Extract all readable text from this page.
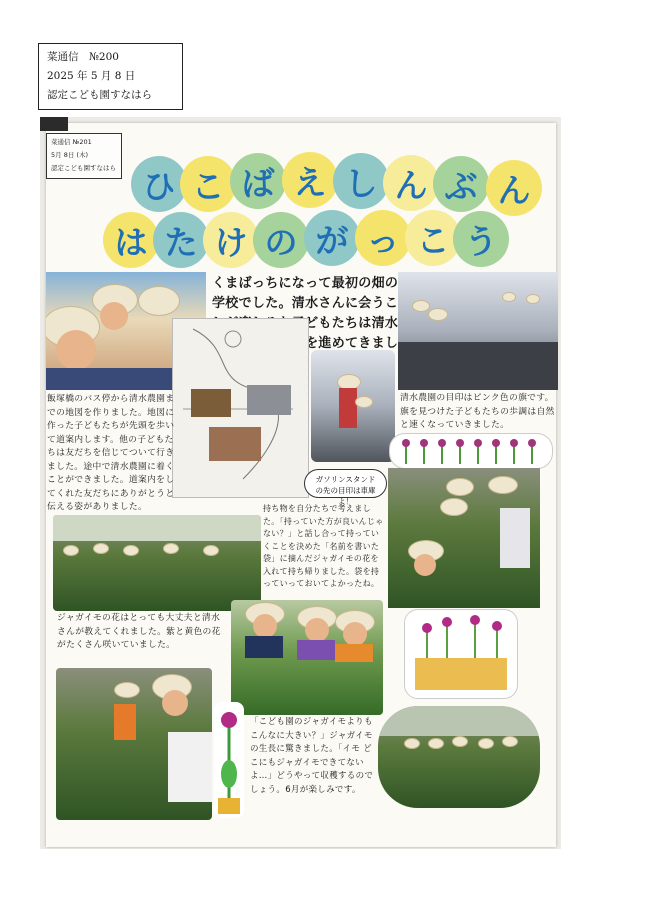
菜通信　№200
2025 年 5 月 8 日
認定こども園すなはら
菜通信 №201
5月 8日 (木)
認定こども園すなはら ひ こ ば え し ん ぶ ん
は た け の が っ こ う
くまばっちになって最初の畑の学校でした。清水さんに会うこ どもたちは清水 を進めてきまし
ガソリンスタンドの先の目印は車庫よ！
飯塚橋のバス停から清水農園までの地図を作りました。地図に作った子どもたちが先頭を歩いて道案内します。他の子どもたちは友だちを信じてついて行きました。途中で清水農園に着くことができました。道案内をしてくれた友だちにありがとうと伝える姿がありました。
清水農園の目印はピンク色の旗です。旗を見つけた子どもたちの歩調は自然と速くなっていきました。
持ち物を自分たちで考えました。「持っていた方が良いんじゃない？」と話し合って持っていくことを決めた「名前を書いた袋」に摘んだジャガイモの花を入れて持ち帰りました。袋を持っていっておいてよかったね。
ジャガイモの花はとっても大丈夫と清水さんが教えてくれました。紫と黄色の花がたくさん咲いていました。
「こども園のジャガイモよりもこんなに大きい？」ジャガイモの生長に驚きました。「イモ どこにもジャガイモできてないよ…」どうやって収穫するのでしょう。6月が楽しみです。
